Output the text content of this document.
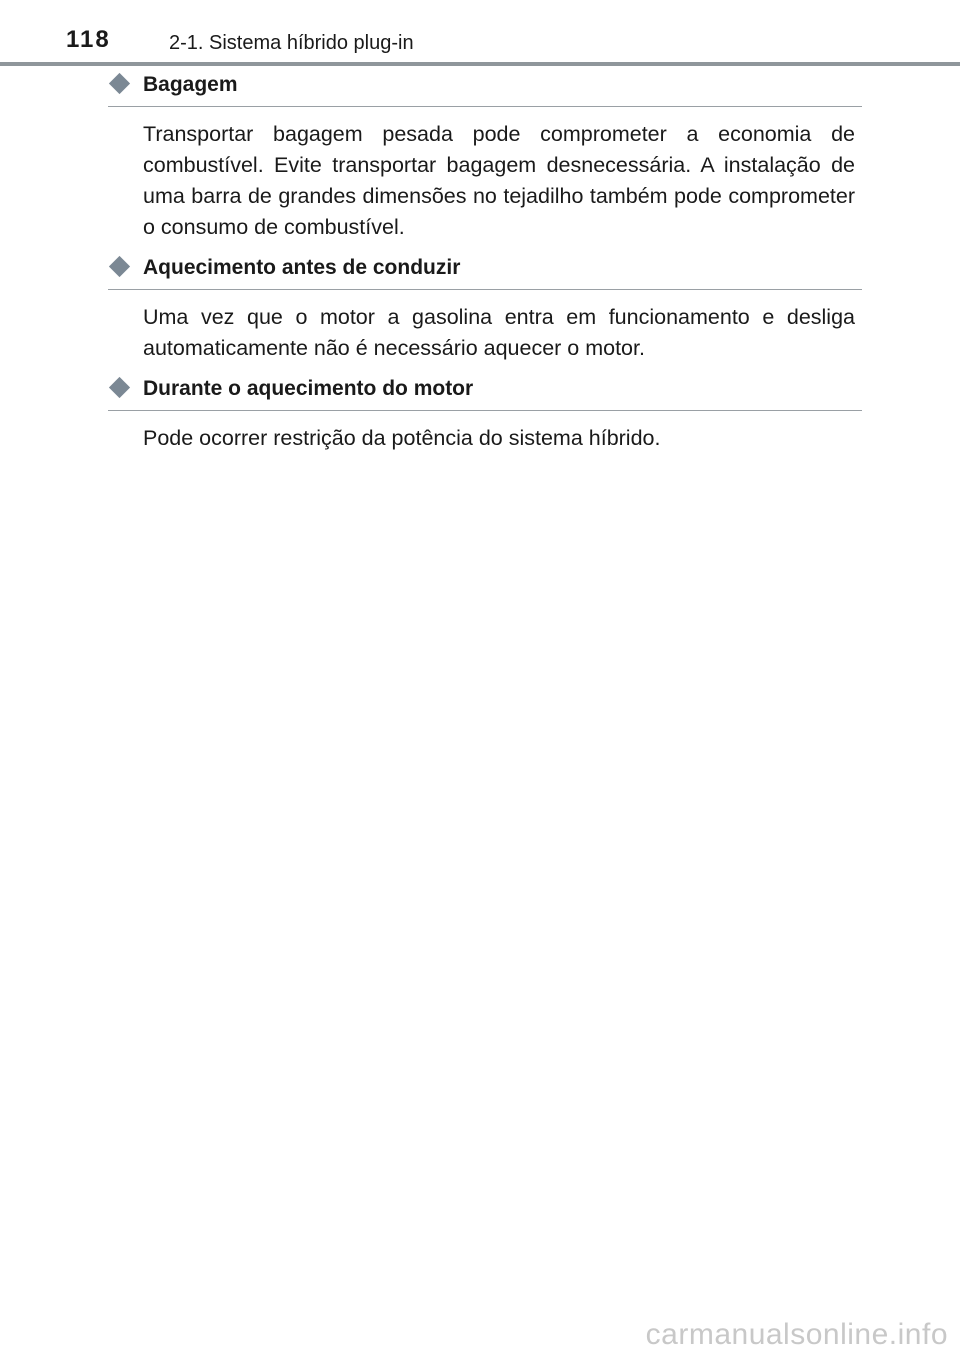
118	2-1. Sistema híbrido plug-in
Bagagem

Transportar bagagem pesada pode comprometer a economia de combustível. Evite transportar bagagem desnecessária. A instalação de uma barra de grandes dimensões no tejadilho também pode comprometer o consumo de combustível.

Aquecimento antes de conduzir

Uma vez que o motor a gasolina entra em funcionamento e desliga automaticamente não é necessário aquecer o motor.

Durante o aquecimento do motor

Pode ocorrer restrição da potência do sistema híbrido.

carmanualsonline.info
